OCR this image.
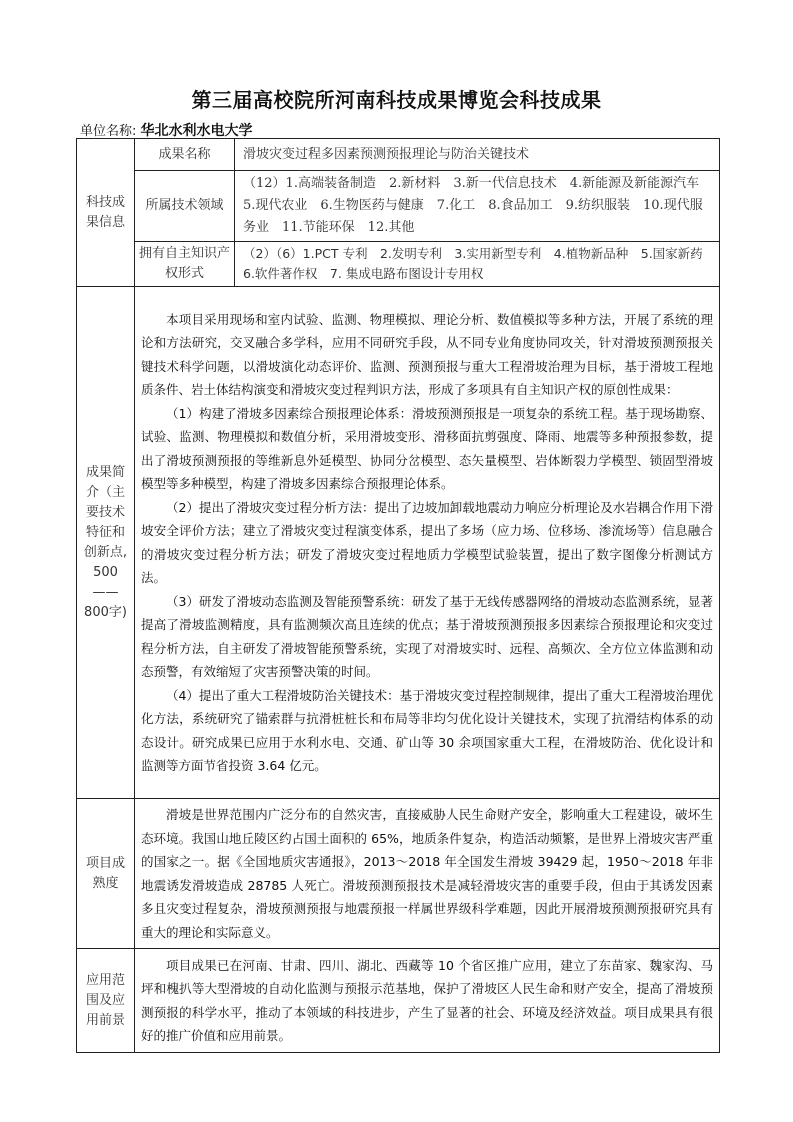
第三届高校院所河南科技成果博览会科技成果
单位名称: 华北水利水电大学
科技成果信息	成果名称	滑坡灾变过程多因素预测预报理论与防治关键技术
	所属技术领域	（12）1.高端装备制造　2.新材料　3.新一代信息技术　4.新能源及新能源汽车　5.现代农业　6.生物医药与健康　7.化工　8.食品加工　9.纺织服装　10.现代服务业　11.节能环保　12.其他
	拥有自主知识产权形式	（2）（6）1.PCT 专利　2.发明专利　3.实用新型专利　4.植物新品种　5.国家新药　6.软件著作权　7. 集成电路布图设计专用权
成果简介（主要技术特征和创新点, 500——800字)	本项目采用现场和室内试验、监测、物理模拟、理论分析、数值模拟等多种方法，开展了系统的理论和方法研究，交叉融合多学科，应用不同研究手段，从不同专业角度协同攻关，针对滑坡预测预报关键技术科学问题，以滑坡演化动态评价、监测、预测预报与重大工程滑坡治理为目标，基于滑坡工程地质条件、岩土体结构演变和滑坡灾变过程判识方法，形成了多项具有自主知识产权的原创性成果：

（1）构建了滑坡多因素综合预报理论体系：滑坡预测预报是一项复杂的系统工程。基于现场勘察、试验、监测、物理模拟和数值分析，采用滑坡变形、滑移面抗剪强度、降雨、地震等多种预报参数，提出了滑坡预测预报的等维新息外延模型、协同分岔模型、态矢量模型、岩体断裂力学模型、锁固型滑坡模型等多种模型，构建了滑坡多因素综合预报理论体系。

（2）提出了滑坡灾变过程分析方法：提出了边坡加卸载地震动力响应分析理论及水岩耦合作用下滑坡安全评价方法；建立了滑坡灾变过程演变体系，提出了多场（应力场、位移场、渗流场等）信息融合的滑坡灾变过程分析方法；研发了滑坡灾变过程地质力学模型试验装置，提出了数字图像分析测试方法。

（3）研发了滑坡动态监测及智能预警系统：研发了基于无线传感器网络的滑坡动态监测系统，显著提高了滑坡监测精度，具有监测频次高且连续的优点；基于滑坡预测预报多因素综合预报理论和灾变过程分析方法，自主研发了滑坡智能预警系统，实现了对滑坡实时、远程、高频次、全方位立体监测和动态预警，有效缩短了灾害预警决策的时间。

（4）提出了重大工程滑坡防治关键技术：基于滑坡灾变过程控制规律，提出了重大工程滑坡治理优化方法，系统研究了锚索群与抗滑桩桩长和布局等非均匀优化设计关键技术，实现了抗滑结构体系的动态设计。研究成果已应用于水利水电、交通、矿山等 30 余项国家重大工程，在滑坡防治、优化设计和监测等方面节省投资 3.64 亿元。	

项目成熟度	滑坡是世界范围内广泛分布的自然灾害，直接威胁人民生命财产安全，影响重大工程建设，破坏生态环境。我国山地丘陵区约占国土面积的 65%，地质条件复杂，构造活动频繁，是世界上滑坡灾害严重的国家之一。据《全国地质灾害通报》，2013～2018 年全国发生滑坡 39429 起，1950～2018 年非地震诱发滑坡造成 28785 人死亡。滑坡预测预报技术是减轻滑坡灾害的重要手段，但由于其诱发因素多且灾变过程复杂，滑坡预测预报与地震预报一样属世界级科学难题，因此开展滑坡预测预报研究具有重大的理论和实际意义。	

应用范围及应用前景	项目成果已在河南、甘肃、四川、湖北、西藏等 10 个省区推广应用，建立了东苗家、魏家沟、马坪和槐扒等大型滑坡的自动化监测与预报示范基地，保护了滑坡区人民生命和财产安全，提高了滑坡预测预报的科学水平，推动了本领域的科技进步，产生了显著的社会、环境及经济效益。项目成果具有很好的推广价值和应用前景。	
